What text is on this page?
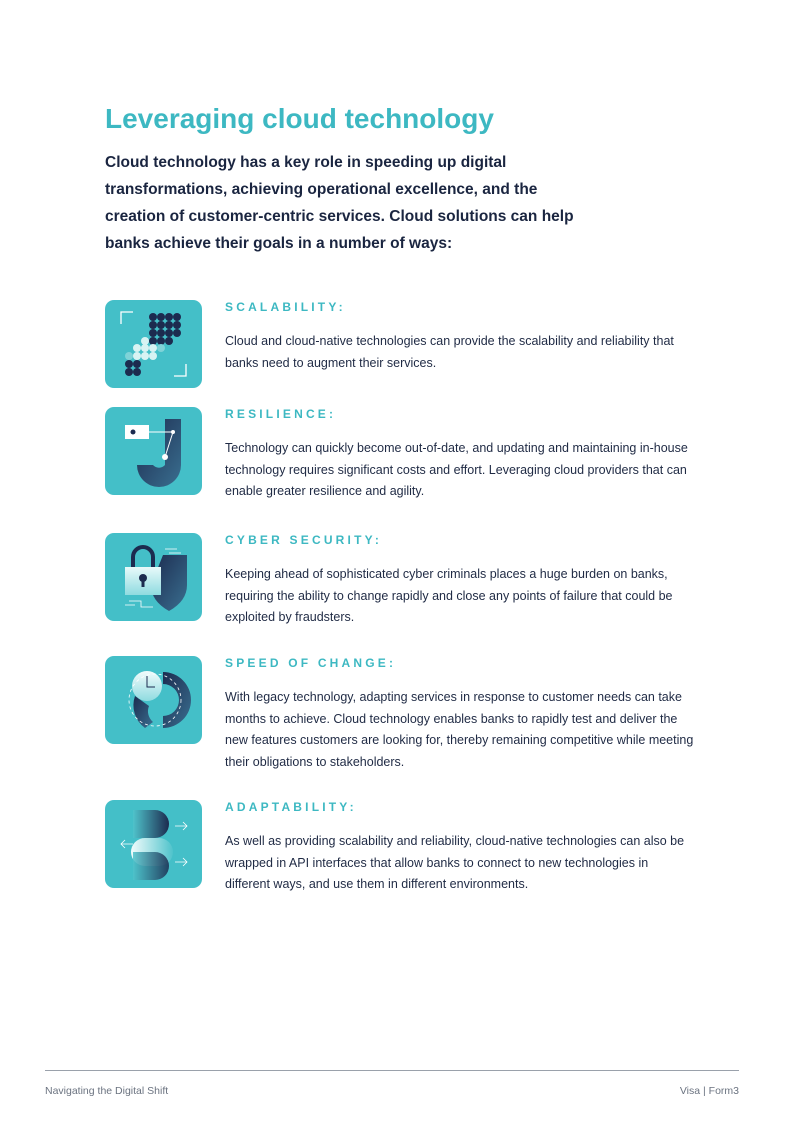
Leveraging cloud technology

Cloud technology has a key role in speeding up digital transformations, achieving operational excellence, and the creation of customer-centric services. Cloud solutions can help banks achieve their goals in a number of ways:

SCALABILITY:
Cloud and cloud-native technologies can provide the scalability and reliability that banks need to augment their services.
RESILIENCE:
Technology can quickly become out-of-date, and updating and maintaining in-house technology requires significant costs and effort. Leveraging cloud providers that can enable greater resilience and agility.
CYBER SECURITY:
Keeping ahead of sophisticated cyber criminals places a huge burden on banks, requiring the ability to change rapidly and close any points of failure that could be exploited by fraudsters.
SPEED OF CHANGE:
With legacy technology, adapting services in response to customer needs can take months to achieve. Cloud technology enables banks to rapidly test and deliver the new features customers are looking for, thereby remaining competitive while meeting their obligations to stakeholders.
ADAPTABILITY:
As well as providing scalability and reliability, cloud-native technologies can also be wrapped in API interfaces that allow banks to connect to new technologies in different ways, and use them in different environments.
Navigating the Digital Shift	Visa | Form3
